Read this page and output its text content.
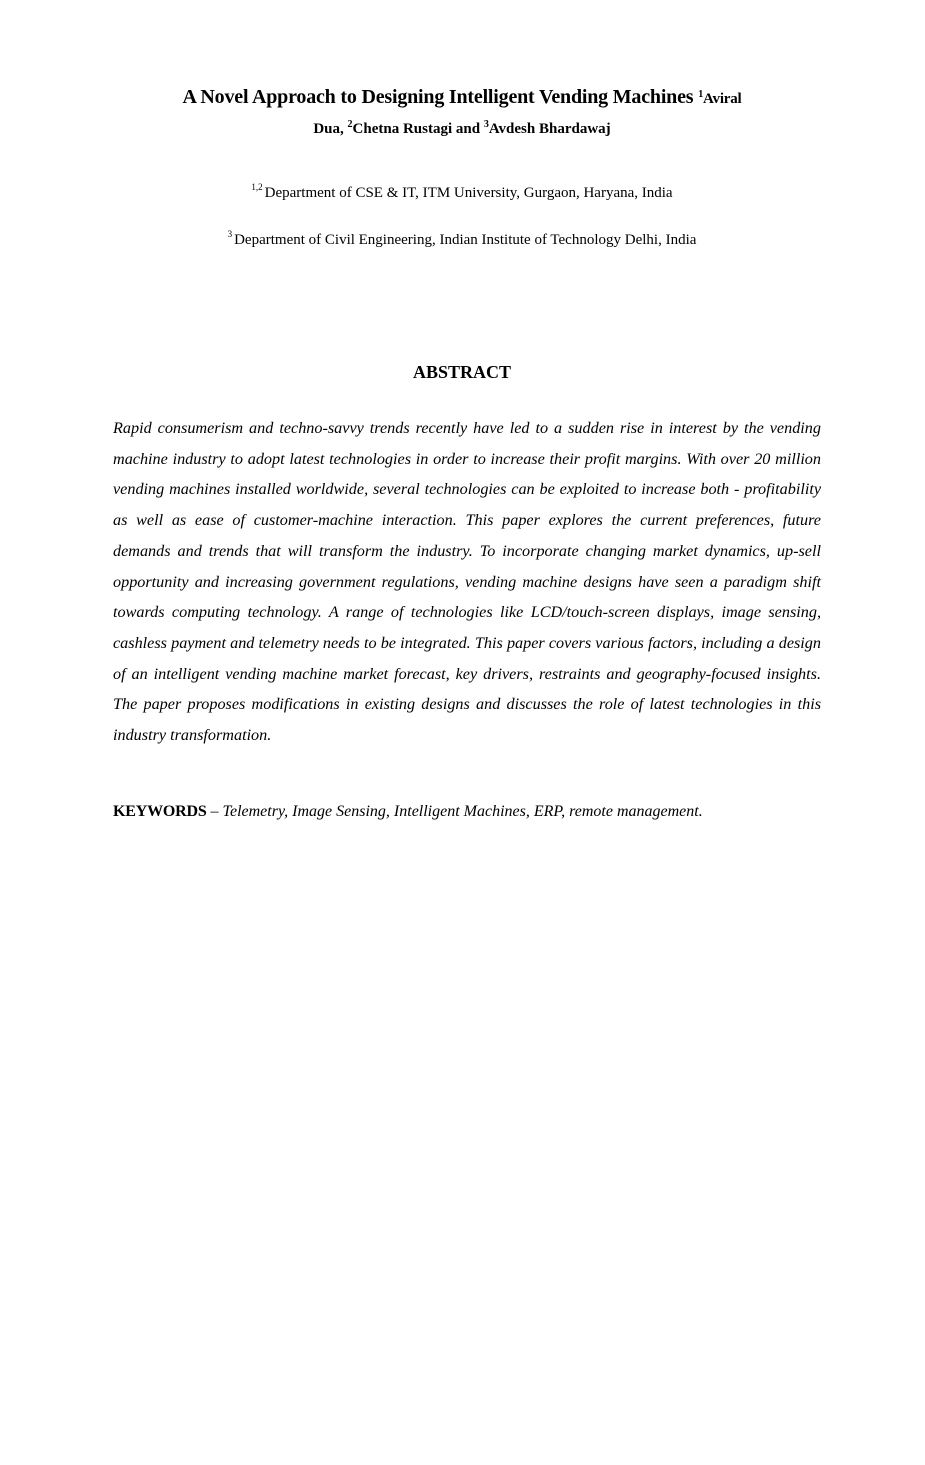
A Novel Approach to Designing Intelligent Vending Machines $^1$Aviral
Dua, $^2$Chetna Rustagi and $^3$Avdesh Bhardawaj
$^{1,2}$ Department of CSE & IT, ITM University, Gurgaon, Haryana, India
$^3$ Department of Civil Engineering, Indian Institute of Technology Delhi, India
ABSTRACT

Rapid consumerism and techno-savvy trends recently have led to a sudden rise in interest by the vending machine industry to adopt latest technologies in order to increase their profit margins. With over 20 million vending machines installed worldwide, several technologies can be exploited to increase both - profitability as well as ease of customer-machine interaction. This paper explores the current preferences, future demands and trends that will transform the industry. To incorporate changing market dynamics, up-sell opportunity and increasing government regulations, vending machine designs have seen a paradigm shift towards computing technology. A range of technologies like LCD/touch-screen displays, image sensing, cashless payment and telemetry needs to be integrated. This paper covers various factors, including a design of an intelligent vending machine market forecast, key drivers, restraints and geography-focused insights. The paper proposes modifications in existing designs and discusses the role of latest technologies in this industry transformation.

KEYWORDS – Telemetry, Image Sensing, Intelligent Machines, ERP, remote management.
